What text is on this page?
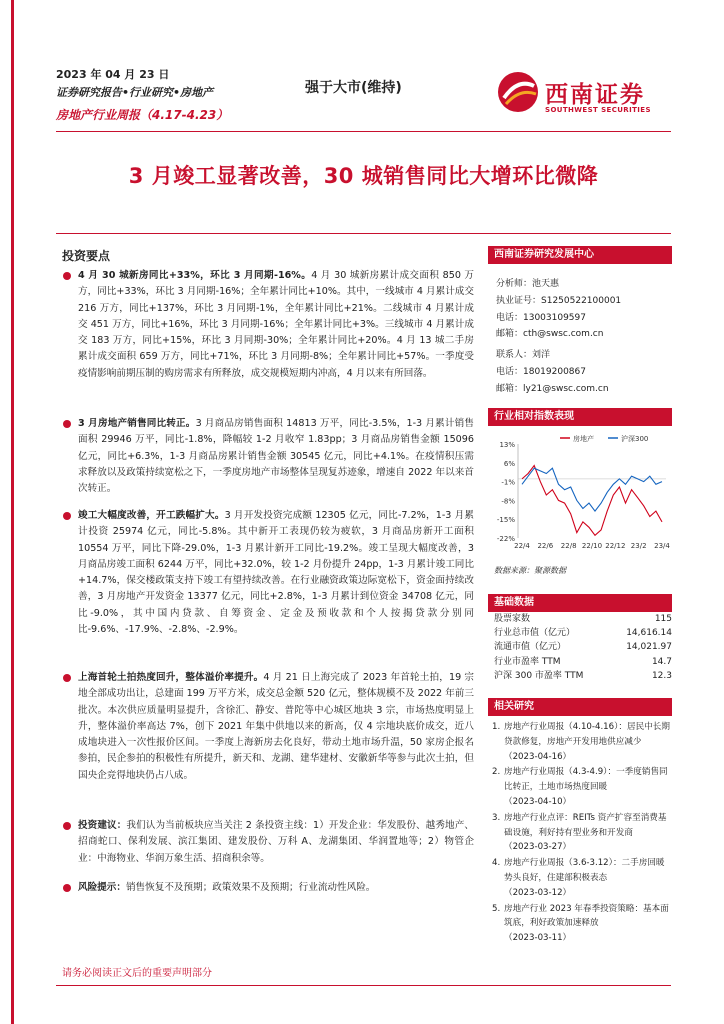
2023 年 04 月 23 日
证券研究报告•行业研究•房地产
房地产行业周报（4.17-4.23）
强于大市(维持)	西南证券
SOUTHWEST SECURITIES
3 月竣工显著改善，30 城销售同比大增环比微降
投资要点
4 月 30 城新房同比+33%，环比 3 月同期-16%。4 月 30 城新房累计成交面积 850 万方，同比+33%，环比 3 月同期-16%；全年累计同比+10%。其中，一线城市 4 月累计成交 216 万方，同比+137%，环比 3 月同期-1%，全年累计同比+21%。二线城市 4 月累计成交 451 万方，同比+16%，环比 3 月同期-16%；全年累计同比+3%。三线城市 4 月累计成交 183 万方，同比+15%，环比 3 月同期-30%；全年累计同比+20%。4 月 13 城二手房累计成交面积 659 万方，同比+71%，环比 3 月同期-8%；全年累计同比+57%。一季度受疫情影响前期压制的购房需求有所释放，成交规模短期内冲高，4 月以来有所回落。
3 月房地产销售同比转正。3 月商品房销售面积 14813 万平，同比-3.5%，1-3 月累计销售面积 29946 万平，同比-1.8%，降幅较 1-2 月收窄 1.83pp；3 月商品房销售金额 15096 亿元，同比+6.3%，1-3 月商品房累计销售金额 30545 亿元，同比+4.1%。在疫情积压需求释放以及政策持续宽松之下，一季度房地产市场整体呈现复苏迹象，增速自 2022 年以来首次转正。
竣工大幅度改善，开工跌幅扩大。3 月开发投资完成额 12305 亿元，同比-7.2%，1-3 月累计投资 25974 亿元，同比-5.8%。其中新开工表现仍较为疲软，3 月商品房新开工面积 10554 万平，同比下降-29.0%，1-3 月累计新开工同比-19.2%。竣工呈现大幅度改善，3 月商品房竣工面积 6244 万平，同比+32.0%，较 1-2 月份提升 24pp，1-3 月累计竣工同比+14.7%，保交楼政策支持下竣工有望持续改善。在行业融资政策边际宽松下，资金面持续改善，3 月房地产开发资金 13377 亿元，同比+2.8%，1-3 月累计到位资金 34708 亿元，同比-9.0%，其中国内贷款、自筹资金、定金及预收款和个人按揭贷款分别同比-9.6%、-17.9%、-2.8%、-2.9%。
上海首轮土拍热度回升，整体溢价率提升。4 月 21 日上海完成了 2023 年首轮土拍，19 宗地全部成功出让，总建面 199 万平方米，成交总金额 520 亿元，整体规模不及 2022 年前三批次。本次供应质量明显提升，含徐汇、静安、普陀等中心城区地块 3 宗，市场热度明显上升，整体溢价率高达 7%，创下 2021 年集中供地以来的新高，仅 4 宗地块底价成交，近八成地块进入一次性报价区间。一季度上海新房去化良好，带动土地市场升温，50 家房企报名参拍，民企参拍的积极性有所提升，新天和、龙湖、建华建材、安徽新华等参与此次土拍，但国央企竞得地块仍占八成。
投资建议：我们认为当前板块应当关注 2 条投资主线：1）开发企业：华发股份、越秀地产、招商蛇口、保利发展、滨江集团、建发股份、万科 A、龙湖集团、华润置地等；2）物管企业：中海物业、华润万象生活、招商积余等。
风险提示：销售恢复不及预期；政策效果不及预期；行业流动性风险。
西南证券研究发展中心
分析师：池天惠
执业证号：S1250522100001
电话：13003109597
邮箱：cth@swsc.com.cn
联系人：刘洋
电话：18019200867
邮箱：ly21@swsc.com.cn
行业相对指数表现
13%
6%
-1%
-8%
-15%
-22%
22/4 22/6 22/8 22/10 22/12 23/2 23/4
房地产	沪深300
数据来源：聚源数据
基础数据
股票家数	115
行业总市值（亿元）	14,616.14
流通市值（亿元）	14,021.97
行业市盈率 TTM	14.7
沪深 300 市盈率 TTM	12.3
相关研究
1. 房地产行业周报（4.10-4.16）：居民中长期贷款修复，房地产开发用地供应减少
（2023-04-16）
2. 房地产行业周报（4.3-4.9）：一季度销售同比转正，土地市场热度回暖
（2023-04-10）
3. 房地产行业点评：REITs 资产扩容至消费基础设施，利好持有型业务和开发商
（2023-03-27）
4. 房地产行业周报（3.6-3.12）：二手房回暖势头良好，住建部积极表态
（2023-03-12）
5. 房地产行业 2023 年春季投资策略：基本面筑底，利好政策加速释放
（2023-03-11）
请务必阅读正文后的重要声明部分
